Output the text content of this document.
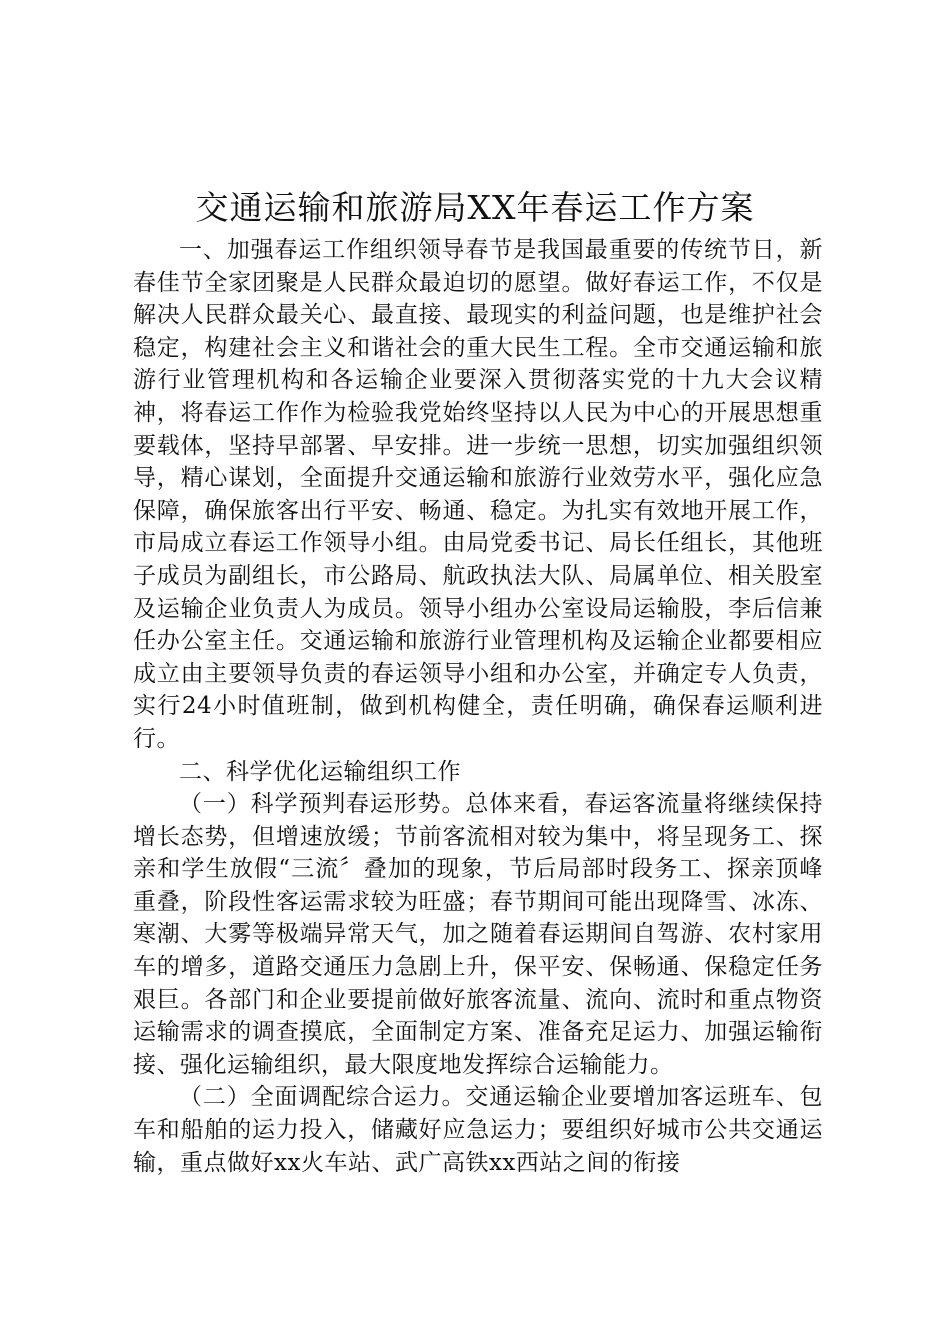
交通运输和旅游局XX年春运工作方案

一、加强春运工作组织领导春节是我国最重要的传统节日，新春佳节全家团聚是人民群众最迫切的愿望。做好春运工作，不仅是解决人民群众最关心、最直接、最现实的利益问题，也是维护社会稳定，构建社会主义和谐社会的重大民生工程。全市交通运输和旅游行业管理机构和各运输企业要深入贯彻落实党的十九大会议精神，将春运工作作为检验我党始终坚持以人民为中心的开展思想重要载体，坚持早部署、早安排。进一步统一思想，切实加强组织领导，精心谋划，全面提升交通运输和旅游行业效劳水平，强化应急保障，确保旅客出行平安、畅通、稳定。为扎实有效地开展工作，市局成立春运工作领导小组。由局党委书记、局长任组长，其他班子成员为副组长，市公路局、航政执法大队、局属单位、相关股室及运输企业负责人为成员。领导小组办公室设局运输股，李后信兼任办公室主任。交通运输和旅游行业管理机构及运输企业都要相应成立由主要领导负责的春运领导小组和办公室，并确定专人负责，实行24小时值班制，做到机构健全，责任明确，确保春运顺利进行。

二、科学优化运输组织工作

（一）科学预判春运形势。总体来看，春运客流量将继续保持增长态势，但增速放缓；节前客流相对较为集中，将呈现务工、探亲和学生放假“三流〞叠加的现象，节后局部时段务工、探亲顶峰重叠，阶段性客运需求较为旺盛；春节期间可能出现降雪、冰冻、寒潮、大雾等极端异常天气，加之随着春运期间自驾游、农村家用车的增多，道路交通压力急剧上升，保平安、保畅通、保稳定任务艰巨。各部门和企业要提前做好旅客流量、流向、流时和重点物资运输需求的调查摸底，全面制定方案、准备充足运力、加强运输衔接、强化运输组织，最大限度地发挥综合运输能力。

（二）全面调配综合运力。交通运输企业要增加客运班车、包车和船舶的运力投入，储藏好应急运力；要组织好城市公共交通运输，重点做好xx火车站、武广高铁xx西站之间的衔接
